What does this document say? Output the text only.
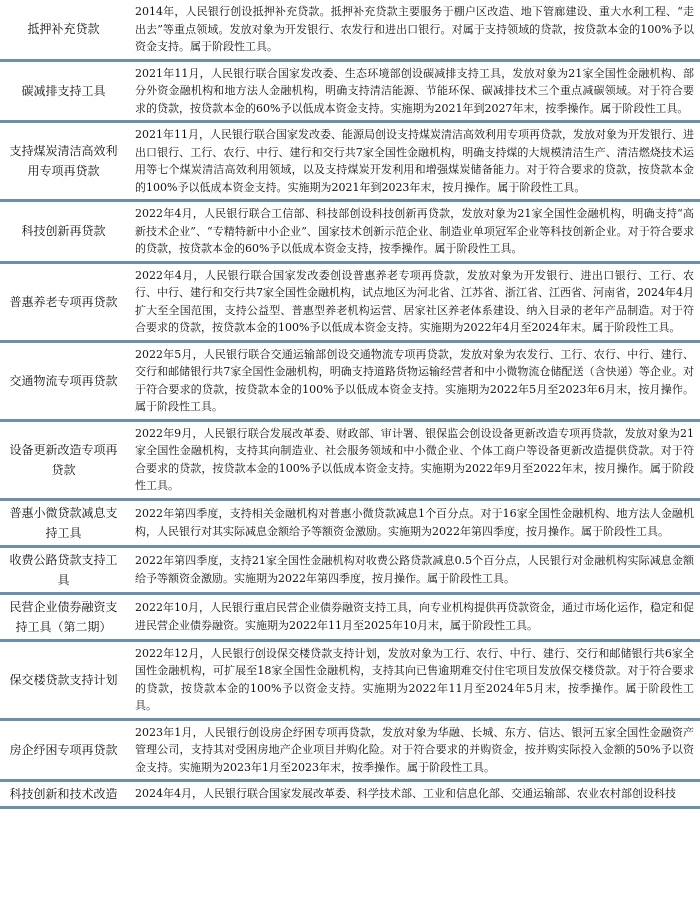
抵押补充贷款	2014年，人民银行创设抵押补充贷款。抵押补充贷款主要服务于棚户区改造、地下管廊建设、重大水利工程、“走出去”等重点领域。发放对象为开发银行、农发行和进出口银行。对属于支持领域的贷款，按贷款本金的100%予以资金支持。属于阶段性工具。
碳减排支持工具	2021年11月，人民银行联合国家发改委、生态环境部创设碳减排支持工具，发放对象为21家全国性金融机构、部分外资金融机构和地方法人金融机构，明确支持清洁能源、节能环保、碳减排技术三个重点减碳领域。对于符合要求的贷款，按贷款本金的60%予以低成本资金支持。实施期为2021年到2027年末，按季操作。属于阶段性工具。
支持煤炭清洁高效利用专项再贷款	2021年11月，人民银行联合国家发改委、能源局创设支持煤炭清洁高效利用专项再贷款，发放对象为开发银行、进出口银行、工行、农行、中行、建行和交行共7家全国性金融机构，明确支持煤的大规模清洁生产、清洁燃烧技术运用等七个煤炭清洁高效利用领域，以及支持煤炭开发利用和增强煤炭储备能力。对于符合要求的贷款，按贷款本金的100%予以低成本资金支持。实施期为2021年到2023年末，按月操作。属于阶段性工具。
科技创新再贷款	2022年4月，人民银行联合工信部、科技部创设科技创新再贷款，发放对象为21家全国性金融机构，明确支持“高新技术企业”、“专精特新中小企业”、国家技术创新示范企业、制造业单项冠军企业等科技创新企业。对于符合要求的贷款，按贷款本金的60%予以低成本资金支持，按季操作。属于阶段性工具。
普惠养老专项再贷款	2022年4月，人民银行联合国家发改委创设普惠养老专项再贷款，发放对象为开发银行、进出口银行、工行、农行、中行、建行和交行共7家全国性金融机构，试点地区为河北省、江苏省、浙江省、江西省、河南省，2024年4月扩大至全国范围，支持公益型、普惠型养老机构运营、居家社区养老体系建设、纳入目录的老年产品制造。对于符合要求的贷款，按贷款本金的100%予以低成本资金支持。实施期为2022年4月至2024年末。属于阶段性工具。
交通物流专项再贷款	2022年5月，人民银行联合交通运输部创设交通物流专项再贷款，发放对象为农发行、工行、农行、中行、建行、交行和邮储银行共7家全国性金融机构，明确支持道路货物运输经营者和中小微物流仓储配送（含快递）等企业。对于符合要求的贷款，按贷款本金的100%予以低成本资金支持。实施期为2022年5月至2023年6月末，按月操作。属于阶段性工具。
设备更新改造专项再贷款	2022年9月，人民银行联合发展改革委、财政部、审计署、银保监会创设设备更新改造专项再贷款，发放对象为21家全国性金融机构，支持其向制造业、社会服务领域和中小微企业、个体工商户等设备更新改造提供贷款。对于符合要求的贷款，按贷款本金的100%予以低成本资金支持。实施期为2022年9月至2022年末，按月操作。属于阶段性工具。
普惠小微贷款减息支持工具	2022年第四季度，支持相关金融机构对普惠小微贷款减息1个百分点。对于16家全国性金融机构、地方法人金融机构，人民银行对其实际减息金额给予等额资金激励。实施期为2022年第四季度，按月操作。属于阶段性工具。
收费公路贷款支持工具	2022年第四季度，支持21家全国性金融机构对收费公路贷款减息0.5个百分点，人民银行对金融机构实际减息金额给予等额资金激励。实施期为2022年第四季度，按月操作。属于阶段性工具。
民营企业债券融资支持工具（第二期）	2022年10月，人民银行重启民营企业债券融资支持工具，向专业机构提供再贷款资金，通过市场化运作，稳定和促进民营企业债券融资。实施期为2022年11月至2025年10月末，属于阶段性工具。
保交楼贷款支持计划	2022年12月，人民银行创设保交楼贷款支持计划，发放对象为工行、农行、中行、建行、交行和邮储银行共6家全国性金融机构，可扩展至18家全国性金融机构，支持其向已售逾期难交付住宅项目发放保交楼贷款。对于符合要求的贷款，按贷款本金的100%予以资金支持。实施期为2022年11月至2024年5月末，按季操作。属于阶段性工具。
房企纾困专项再贷款	2023年1月，人民银行创设房企纾困专项再贷款，发放对象为华融、长城、东方、信达、银河五家全国性金融资产管理公司，支持其对受困房地产企业项目并购化险。对于符合要求的并购资金，按并购实际投入金额的50%予以资金支持。实施期为2023年1月至2023年末，按季操作。属于阶段性工具。
科技创新和技术改造	2024年4月，人民银行联合国家发展改革委、科学技术部、工业和信息化部、交通运输部、农业农村部创设科技
